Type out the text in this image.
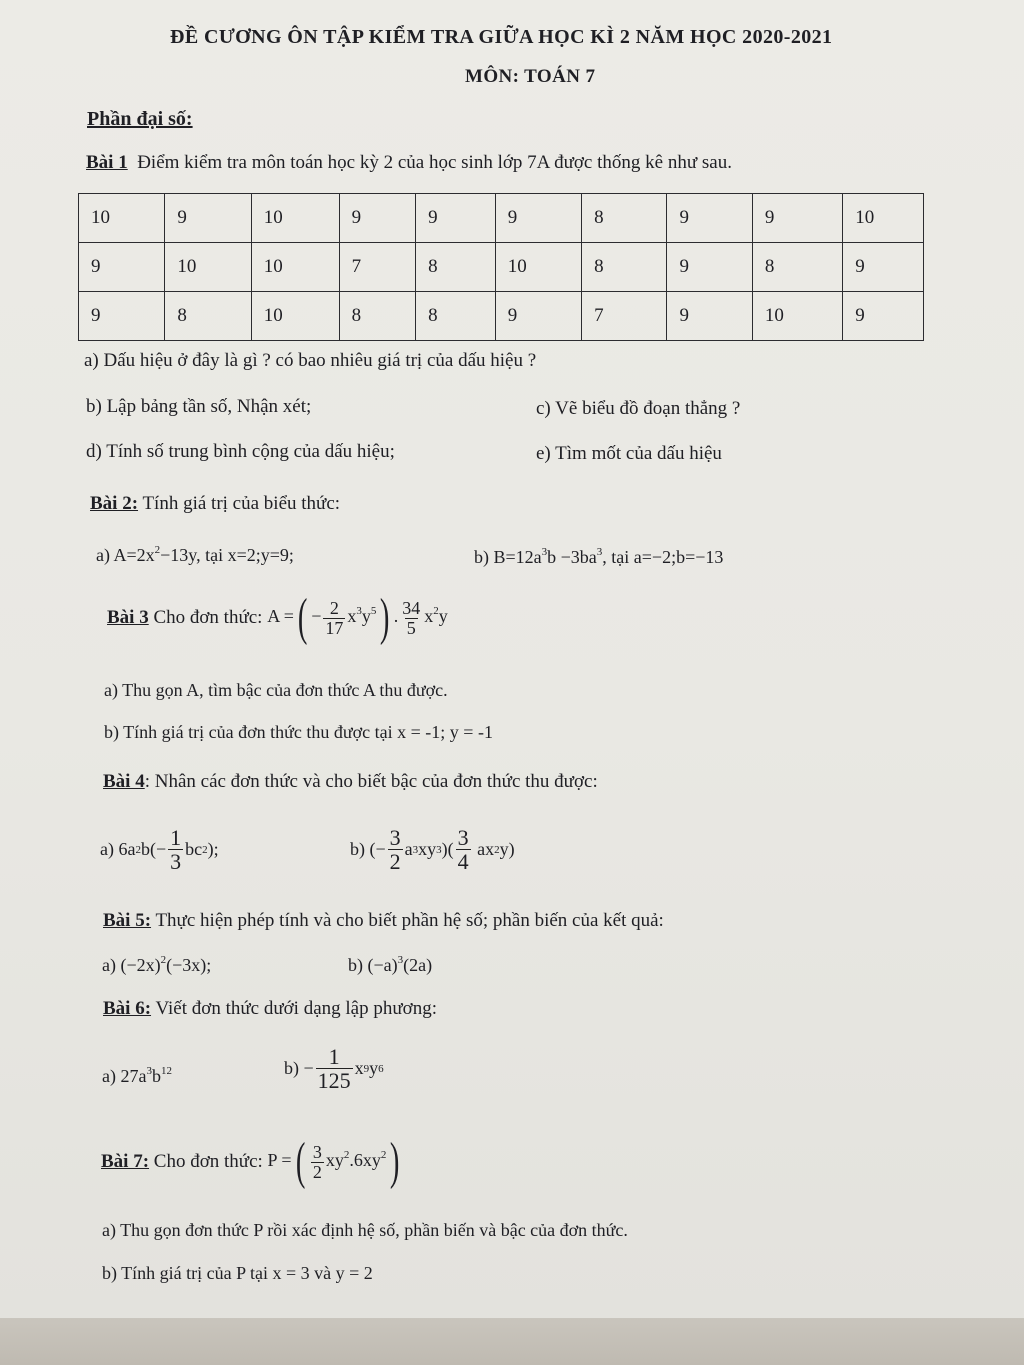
ĐỀ CƯƠNG ÔN TẬP KIỂM TRA GIỮA HỌC KÌ 2 NĂM HỌC 2020-2021
MÔN: TOÁN 7
Phần đại số:
Bài 1 Điểm kiểm tra môn toán học kỳ 2 của học sinh lớp 7A được thống kê như sau.
10	9	10	9	9	9	8	9	9	10
9	10	10	7	8	10	8	9	8	9
9	8	10	8	8	9	7	9	10	9
a) Dấu hiệu ở đây là gì ? có bao nhiêu giá trị của dấu hiệu ?
b) Lập bảng tần số, Nhận xét;	c) Vẽ biểu đồ đoạn thẳng ?
d) Tính số trung bình cộng của dấu hiệu;	e) Tìm mốt của dấu hiệu
Bài 2: Tính giá trị của biểu thức:
a) $A=2x^2-13y$, tại x=2;y=9;	b) $B=12a^3b -3ba^3$, tại a=−2;b=−13
Bài 3
Cho đơn thức:
A =( − $\frac{2}{17} x^3y^5$) . $\frac{34}{5} x^2y$
a) Thu gọn A, tìm bậc của đơn thức A thu được.
b) Tính giá trị của đơn thức thu được tại x = -1; y = -1
Bài 4: Nhân các đơn thức và cho biết bậc của đơn thức thu được:
a) 6a 2 $b(- \frac{1}{3}$ bc 2 );	b) (− $\frac{3}{2}$ a 3 xy 3 )( $\frac{3}{4}$ ax 2 y)
Bài 5: Thực hiện phép tính và cho biết phần hệ số; phần biến của kết quả:
a) $(-2x)^2(-3x)$;	b) $(-a)^3(2a)$
Bài 6: Viết đơn thức dưới dạng lập phương:
a) $27a^3b^{12}$	$b) - \frac{1}{125}$ x 9 y 6
Bài 7:
Cho đơn thức:
P =( $\frac{3}{2} xy^2.6xy^2$)
a) Thu gọn đơn thức P rồi xác định hệ số, phần biến và bậc của đơn thức.
b) Tính giá trị của P tại x = 3 và y = 2
